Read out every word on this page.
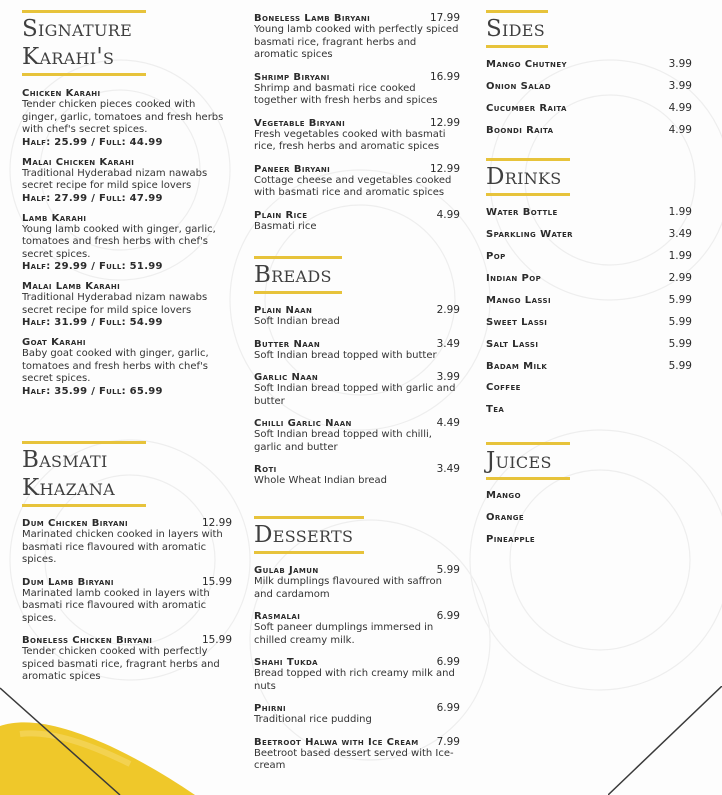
Signature
Karahi's
Chicken Karahi
Tender chicken pieces cooked with ginger, garlic, tomatoes and fresh herbs with chef's secret spices.
Half: 25.99 / Full: 44.99
Malai Chicken Karahi
Traditional Hyderabad nizam nawabs secret recipe for mild spice lovers
Half: 27.99 / Full: 47.99
Lamb Karahi
Young lamb cooked with ginger, garlic, tomatoes and fresh herbs with chef's secret spices.
Half: 29.99 / Full: 51.99
Malai Lamb Karahi
Traditional Hyderabad nizam nawabs secret recipe for mild spice lovers
Half: 31.99 / Full: 54.99
Goat Karahi
Baby goat cooked with ginger, garlic, tomatoes and fresh herbs with chef's secret spices.
Half: 35.99 / Full: 65.99
Basmati
Khazana
Dum Chicken Biryani	12.99
Marinated chicken cooked in layers with basmati rice flavoured with aromatic spices.
Dum Lamb Biryani	15.99
Marinated lamb cooked in layers with basmati rice flavoured with aromatic spices.
Boneless Chicken Biryani	15.99
Tender chicken cooked with perfectly spiced basmati rice, fragrant herbs and aromatic spices
Boneless Lamb Biryani	17.99
Young lamb cooked with perfectly spiced basmati rice, fragrant herbs and aromatic spices
Shrimp Biryani	16.99
Shrimp and basmati rice cooked together with fresh herbs and spices
Vegetable Biryani	12.99
Fresh vegetables cooked with basmati rice, fresh herbs and aromatic spices
Paneer Biryani	12.99
Cottage cheese and vegetables cooked with basmati rice and aromatic spices
Plain Rice	4.99
Basmati rice
Breads
Plain Naan	2.99
Soft Indian bread
Butter Naan	3.49
Soft Indian bread topped with butter
Garlic Naan	3.99
Soft Indian bread topped with garlic and butter
Chilli Garlic Naan	4.49
Soft Indian bread topped with chilli, garlic and butter
Roti	3.49
Whole Wheat Indian bread
Desserts
Gulab Jamun	5.99
Milk dumplings flavoured with saffron and cardamom
Rasmalai	6.99
Soft paneer dumplings immersed in chilled creamy milk.
Shahi Tukda	6.99
Bread topped with rich creamy milk and nuts
Phirni	6.99
Traditional rice pudding
Beetroot Halwa with Ice Cream 7.99
Beetroot based dessert served with Ice-cream
Sides
Mango Chutney	3.99
Onion Salad	3.99
Cucumber Raita	4.99
Boondi Raita	4.99
Drinks
Water Bottle	1.99
Sparkling Water	3.49
Pop	1.99
Indian Pop	2.99
Mango Lassi	5.99
Sweet Lassi	5.99
Salt Lassi	5.99
Badam Milk	5.99
Coffee
Tea
Juices
Mango
Orange
Pineapple
